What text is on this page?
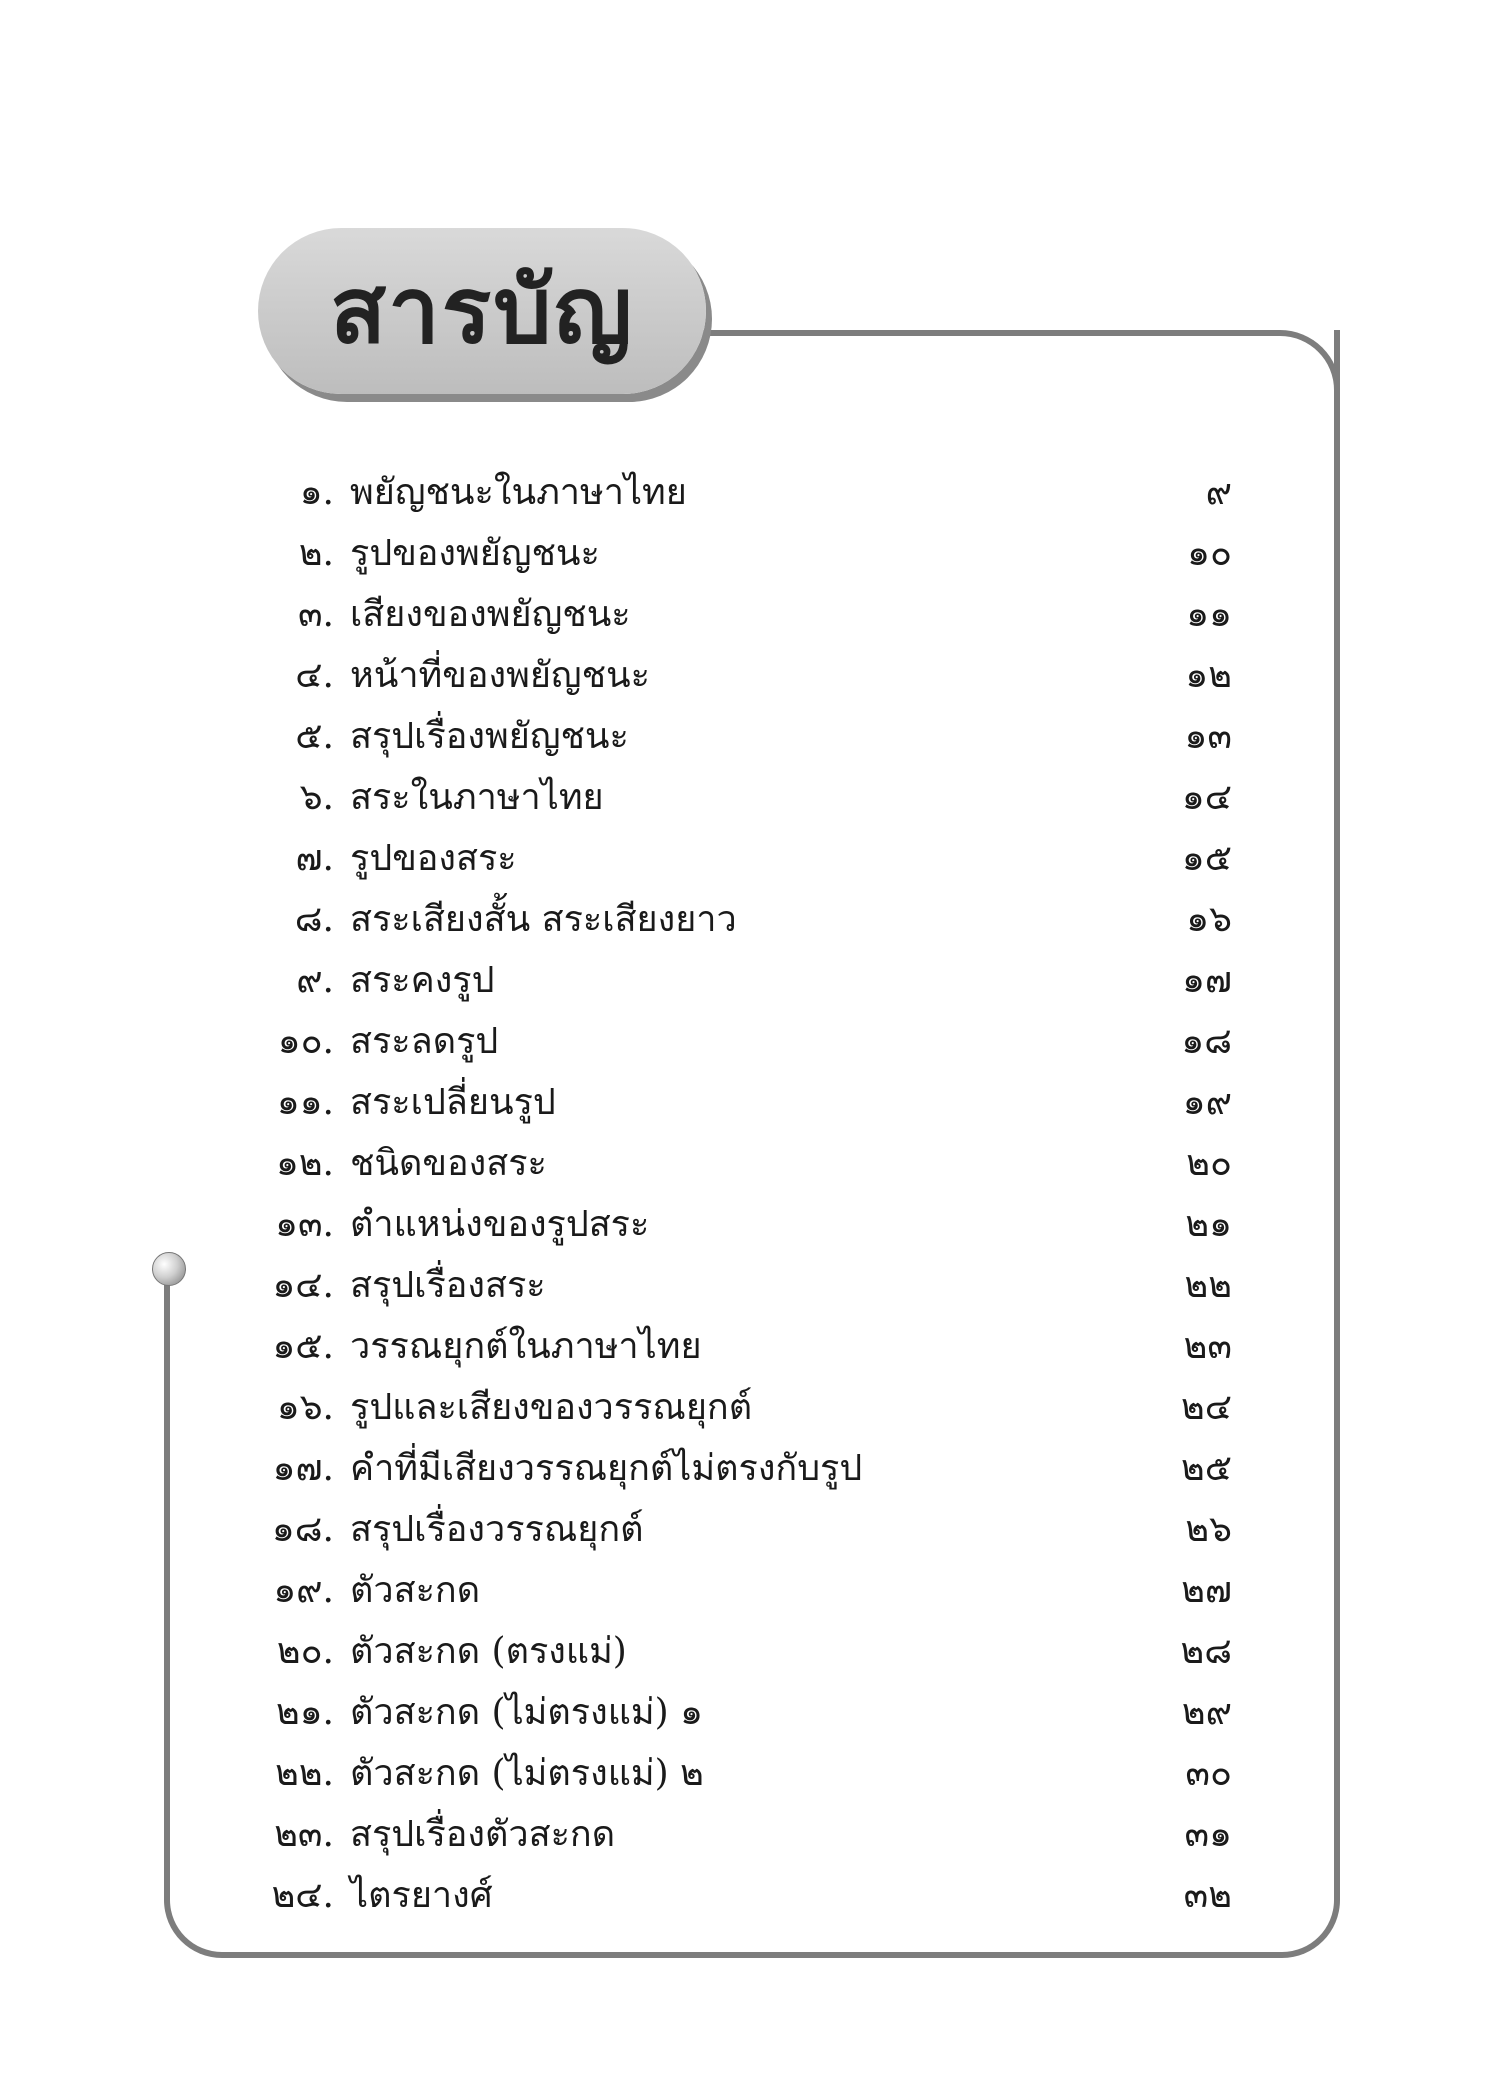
สารบัญ
๑. พยัญชนะในภาษาไทย	๙
๒. รูปของพยัญชนะ	๑๐
๓. เสียงของพยัญชนะ	๑๑
๔. หน้าที่ของพยัญชนะ	๑๒
๕. สรุปเรื่องพยัญชนะ	๑๓
๖. สระในภาษาไทย	๑๔
๗. รูปของสระ	๑๕
๘. สระเสียงสั้น สระเสียงยาว	๑๖
๙. สระคงรูป	๑๗
๑๐. สระลดรูป	๑๘
๑๑. สระเปลี่ยนรูป	๑๙
๑๒. ชนิดของสระ	๒๐
๑๓. ตำแหน่งของรูปสระ	๒๑
๑๔. สรุปเรื่องสระ	๒๒
๑๕. วรรณยุกต์ในภาษาไทย	๒๓
๑๖. รูปและเสียงของวรรณยุกต์	๒๔
๑๗. คำที่มีเสียงวรรณยุกต์ไม่ตรงกับรูป	๒๕
๑๘. สรุปเรื่องวรรณยุกต์	๒๖
๑๙. ตัวสะกด	๒๗
๒๐. ตัวสะกด (ตรงแม่)	๒๘
๒๑. ตัวสะกด (ไม่ตรงแม่) ๑	๒๙
๒๒. ตัวสะกด (ไม่ตรงแม่) ๒	๓๐
๒๓. สรุปเรื่องตัวสะกด	๓๑
๒๔. ไตรยางศ์	๓๒
